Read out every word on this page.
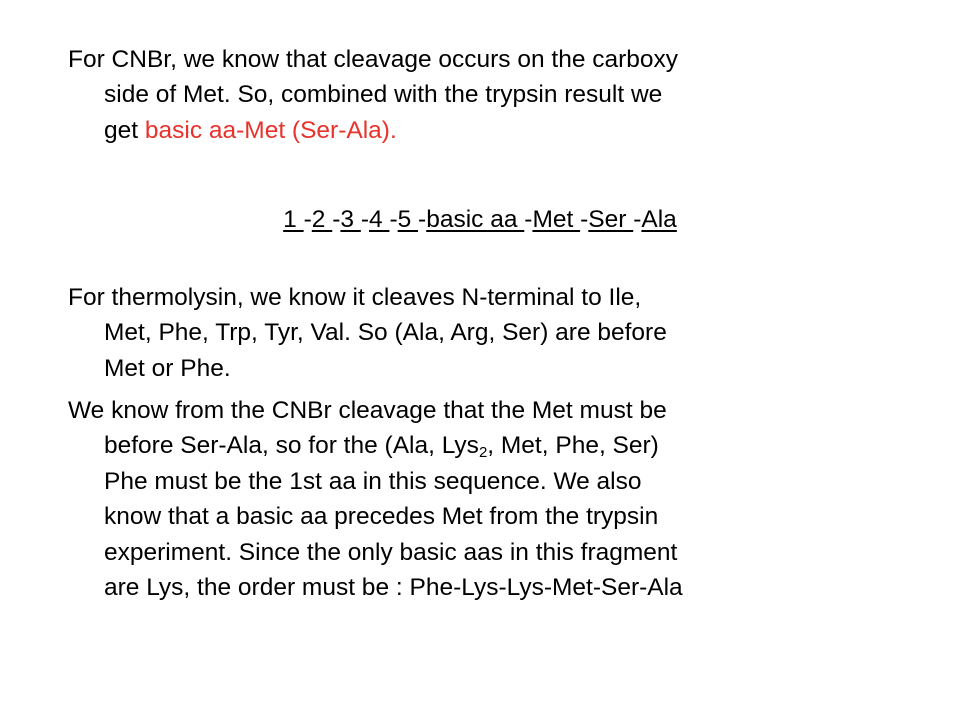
For CNBr, we know that cleavage occurs on the carboxy
side of Met. So, combined with the trypsin result we
get basic aa-Met (Ser-Ala).

1 -2 -3 -4 -5 -basic aa -Met -Ser -Ala

For thermolysin, we know it cleaves N-terminal to Ile,
Met, Phe, Trp, Tyr, Val. So (Ala, Arg, Ser) are before
Met or Phe.

We know from the CNBr cleavage that the Met must be
before Ser-Ala, so for the (Ala, Lys$_2$, Met, Phe, Ser)
Phe must be the 1st aa in this sequence. We also
know that a basic aa precedes Met from the trypsin
experiment. Since the only basic aas in this fragment
are Lys, the order must be : Phe-Lys-Lys-Met-Ser-Ala
